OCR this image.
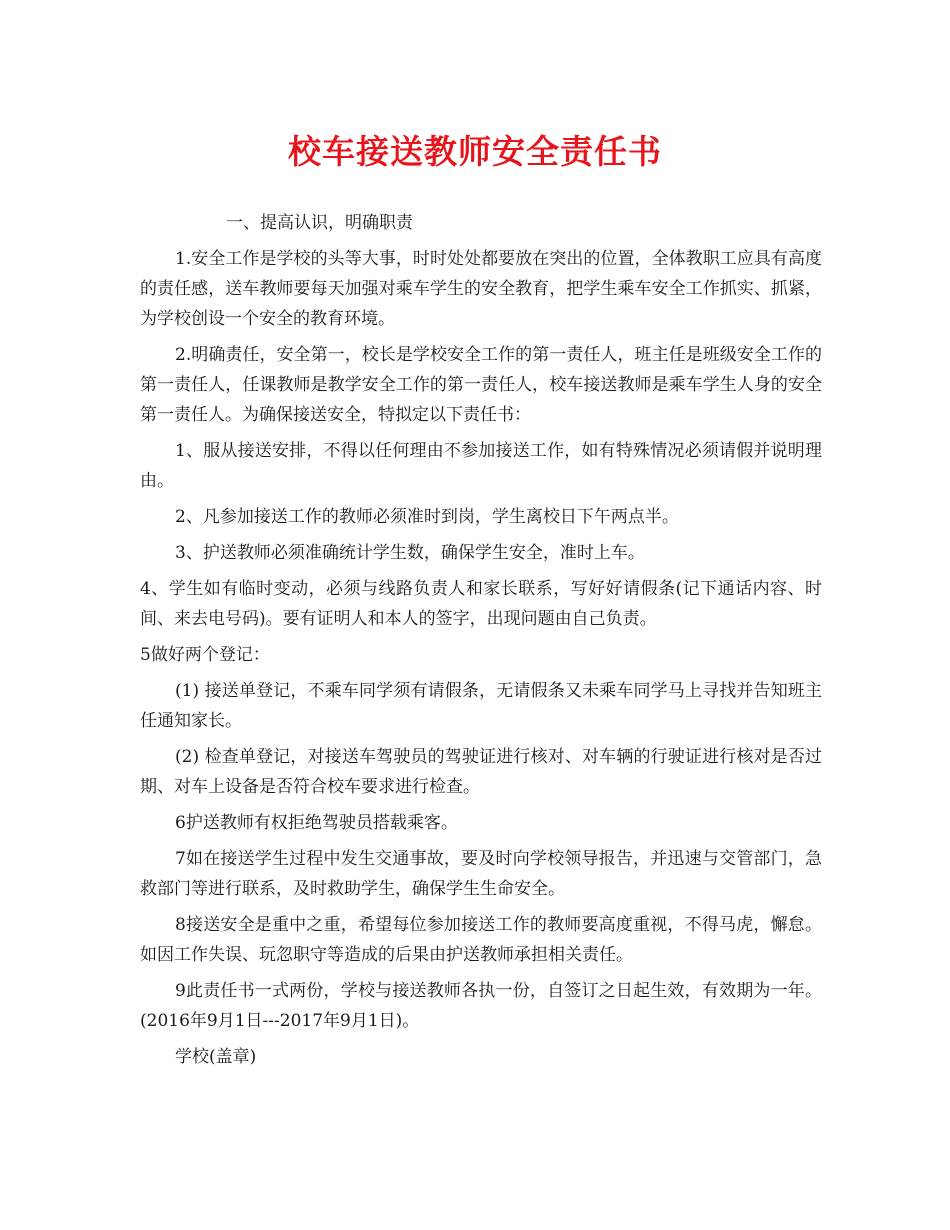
校车接送教师安全责任书

一、提高认识，明确职责

1.安全工作是学校的头等大事，时时处处都要放在突出的位置，全体教职工应具有高度的责任感，送车教师要每天加强对乘车学生的安全教育，把学生乘车安全工作抓实、抓紧，为学校创设一个安全的教育环境。

2.明确责任，安全第一，校长是学校安全工作的第一责任人，班主任是班级安全工作的第一责任人，任课教师是教学安全工作的第一责任人，校车接送教师是乘车学生人身的安全第一责任人。为确保接送安全，特拟定以下责任书：

1、服从接送安排，不得以任何理由不参加接送工作，如有特殊情况必须请假并说明理由。

2、凡参加接送工作的教师必须准时到岗，学生离校日下午两点半。

3、护送教师必须准确统计学生数，确保学生安全，准时上车。

4、学生如有临时变动，必须与线路负责人和家长联系，写好好请假条(记下通话内容、时间、来去电号码)。要有证明人和本人的签字，出现问题由自己负责。

5做好两个登记：

(1) 接送单登记，不乘车同学须有请假条，无请假条又未乘车同学马上寻找并告知班主任通知家长。

(2) 检查单登记，对接送车驾驶员的驾驶证进行核对、对车辆的行驶证进行核对是否过期、对车上设备是否符合校车要求进行检查。

6护送教师有权拒绝驾驶员搭载乘客。

7如在接送学生过程中发生交通事故，要及时向学校领导报告，并迅速与交管部门，急救部门等进行联系，及时救助学生，确保学生生命安全。

8接送安全是重中之重，希望每位参加接送工作的教师要高度重视，不得马虎，懈怠。如因工作失误、玩忽职守等造成的后果由护送教师承担相关责任。

9此责任书一式两份，学校与接送教师各执一份，自签订之日起生效，有效期为一年。(2016年9月1日---2017年9月1日)。

学校(盖章)
